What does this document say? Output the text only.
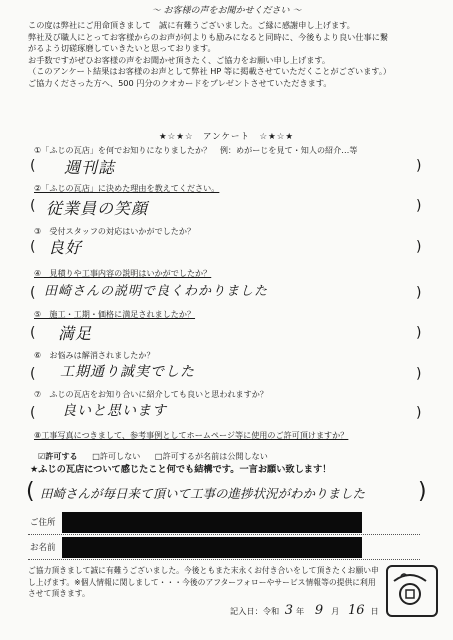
～ お客様の声をお聞かせください ～
この度は弊社にご用命頂きまして　誠に有難うございました。ご縁に感謝申し上げます。
弊社及び職人にとってお客様からのお声が何よりも励みになると同時に、今後もより良い仕事に繋
がるよう切磋琢磨していきたいと思っております。
お手数ですがぜひお客様の声をお聞かせ頂きたく、ご協力をお願い申し上げます。
（このアンケート結果はお客様のお声として弊社 HP 等に掲載させていただくことがございます。）
ご協力くださった方へ、500 円分のクオカードをプレゼントさせていただきます。
★☆★☆　アンケート　☆★☆★
①「ふじの瓦店」を何でお知りになりましたか？ 例：めがーじを見て・知人の紹介…等
(	)
週刊誌
②「ふじの瓦店」に決めた理由を教えてください。
(	)
従業員の笑顔
③　受付スタッフの対応はいかがでしたか？
(	)
良好
④　見積りや工事内容の説明はいかがでしたか？
(	)
田崎さんの説明で良くわかりました
⑤　施工・工期・価格に満足されましたか？
(	)
満足
⑥　お悩みは解消されましたか？
(	)
工期通り誠実でした
⑦　ふじの瓦店をお知り合いに紹介しても良いと思われますか？
(	)
良いと思います
⑧工事写真につきまして、参考事例としてホームページ等に使用のご許可頂けますか？
☑許可する □許可しない □許可するが名前は公開しない
★ふじの瓦店について感じたこと何でも結構です。一言お願い致します！
(	)
田崎さんが毎日来て頂いて工事の進捗状況がわかりました
ご住所
お名前
ご協力頂きまして誠に有難うございました。今後ともまた末永くお付き合いをして頂きたくお願い申
し上げます。※個人情報に関しまして・・・今後のアフターフォローやサービス情報等の提供に利用
させて頂きます。
記入日：令和 3 年 9 月 16 日
